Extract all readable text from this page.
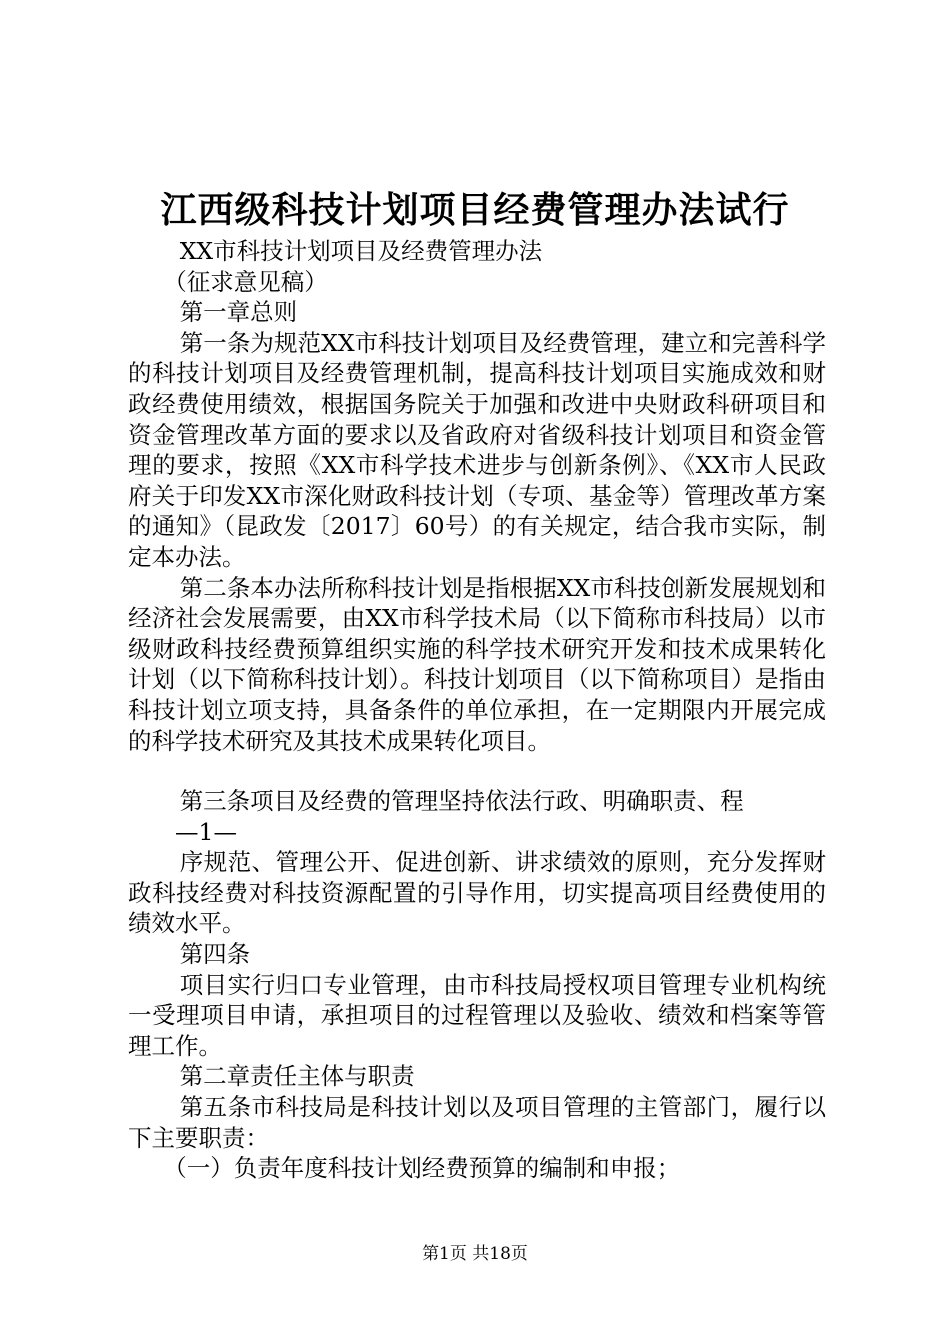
江西级科技计划项目经费管理办法试行

XX市科技计划项目及经费管理办法

（征求意见稿）

第一章总则

第一条为规范XX市科技计划项目及经费管理，建立和完善科学的科技计划项目及经费管理机制，提高科技计划项目实施成效和财政经费使用绩效，根据国务院关于加强和改进中央财政科研项目和资金管理改革方面的要求以及省政府对省级科技计划项目和资金管理的要求，按照《XX市科学技术进步与创新条例》、《XX市人民政府关于印发XX市深化财政科技计划（专项、基金等）管理改革方案的通知》（昆政发〔2017〕60号）的有关规定，结合我市实际，制定本办法。

第二条本办法所称科技计划是指根据XX市科技创新发展规划和经济社会发展需要，由XX市科学技术局（以下简称市科技局）以市级财政科技经费预算组织实施的科学技术研究开发和技术成果转化计划（以下简称科技计划）。科技计划项目（以下简称项目）是指由科技计划立项支持，具备条件的单位承担，在一定期限内开展完成的科学技术研究及其技术成果转化项目。

第三条项目及经费的管理坚持依法行政、明确职责、程

—1—

序规范、管理公开、促进创新、讲求绩效的原则，充分发挥财政科技经费对科技资源配置的引导作用，切实提高项目经费使用的绩效水平。

第四条

项目实行归口专业管理，由市科技局授权项目管理专业机构统一受理项目申请，承担项目的过程管理以及验收、绩效和档案等管理工作。

第二章责任主体与职责

第五条市科技局是科技计划以及项目管理的主管部门，履行以下主要职责：

（一）负责年度科技计划经费预算的编制和申报；

第1页 共18页
